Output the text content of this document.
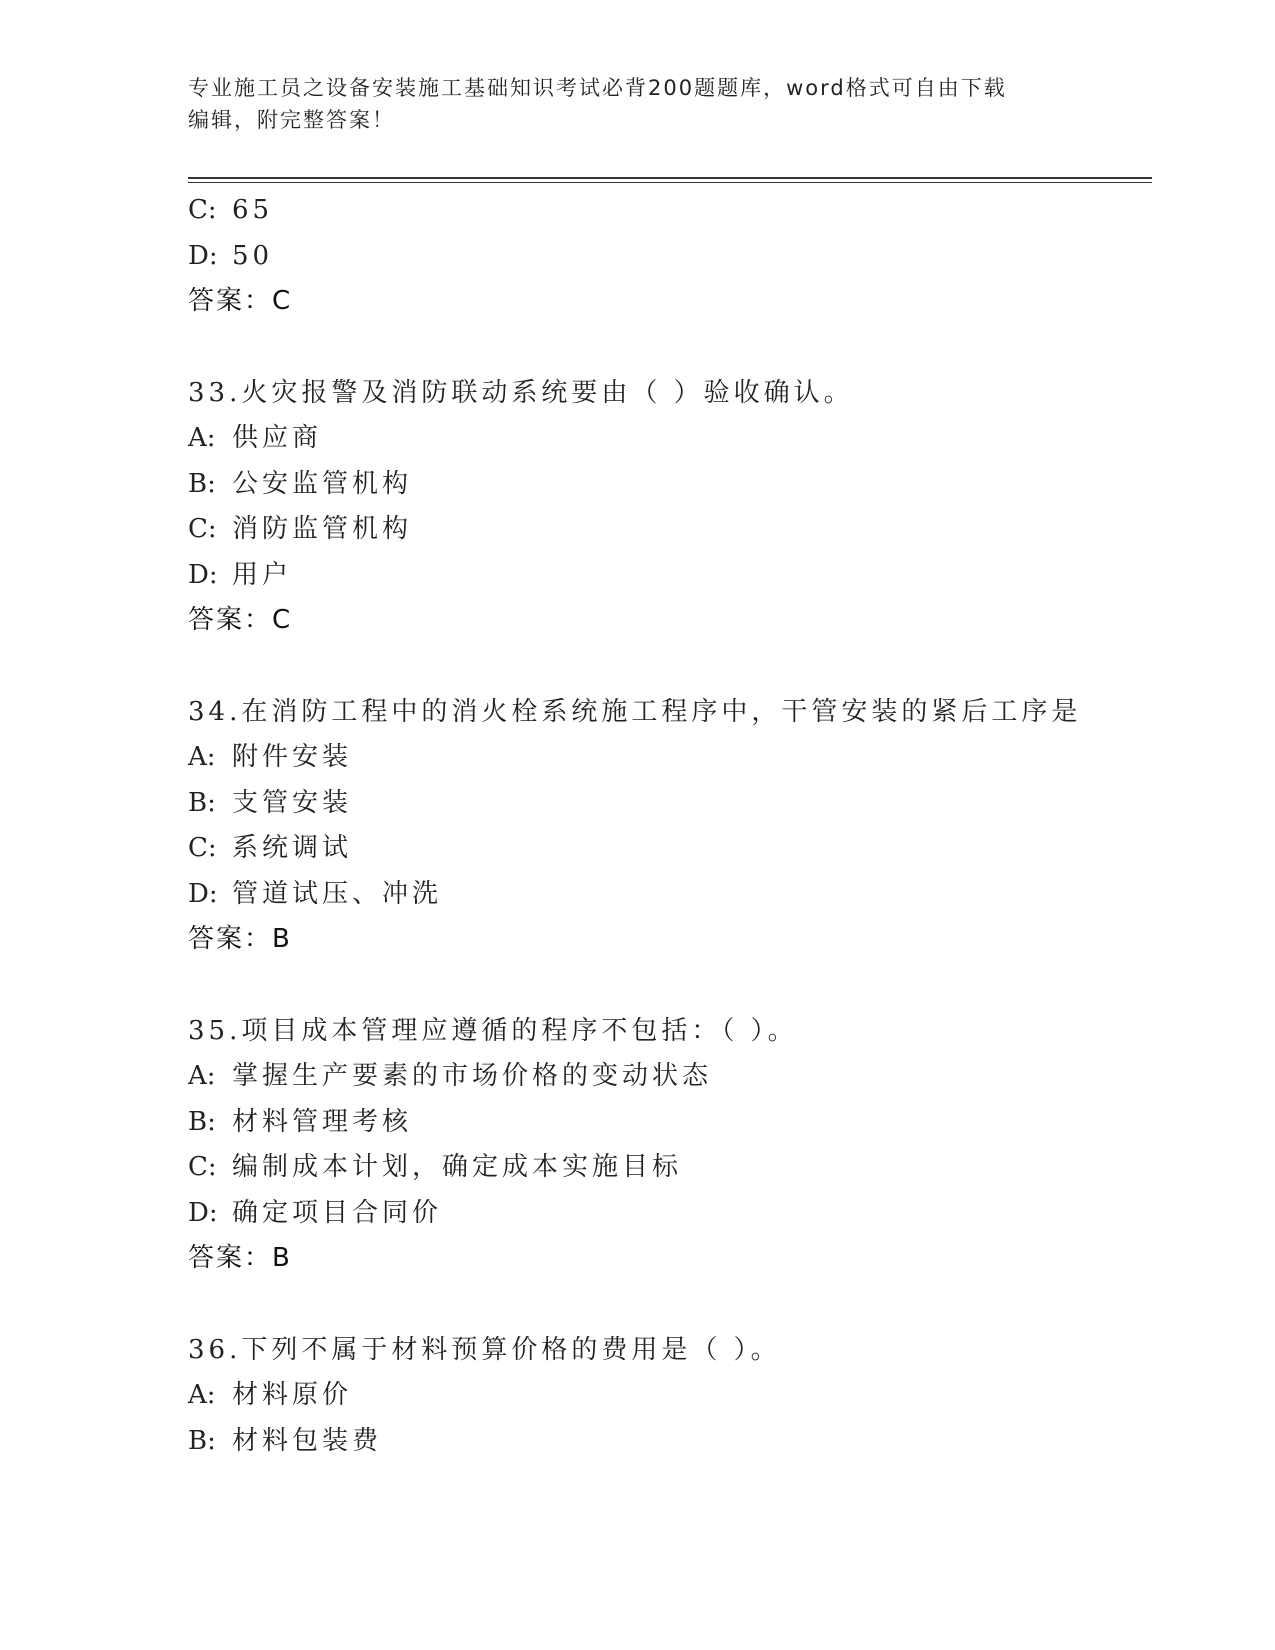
专业施工员之设备安装施工基础知识考试必背200题题库，word格式可自由下载
编辑，附完整答案！
C: 65
D: 50
答案：C
33.火灾报警及消防联动系统要由（ ）验收确认。
A: 供应商
B: 公安监管机构
C: 消防监管机构
D: 用户
答案：C
34.在消防工程中的消火栓系统施工程序中，干管安装的紧后工序是
A: 附件安装
B: 支管安装
C: 系统调试
D: 管道试压、冲洗
答案：B
35.项目成本管理应遵循的程序不包括：（ ）。
A: 掌握生产要素的市场价格的变动状态
B: 材料管理考核
C: 编制成本计划，确定成本实施目标
D: 确定项目合同价
答案：B
36.下列不属于材料预算价格的费用是（ ）。
A: 材料原价
B: 材料包装费
